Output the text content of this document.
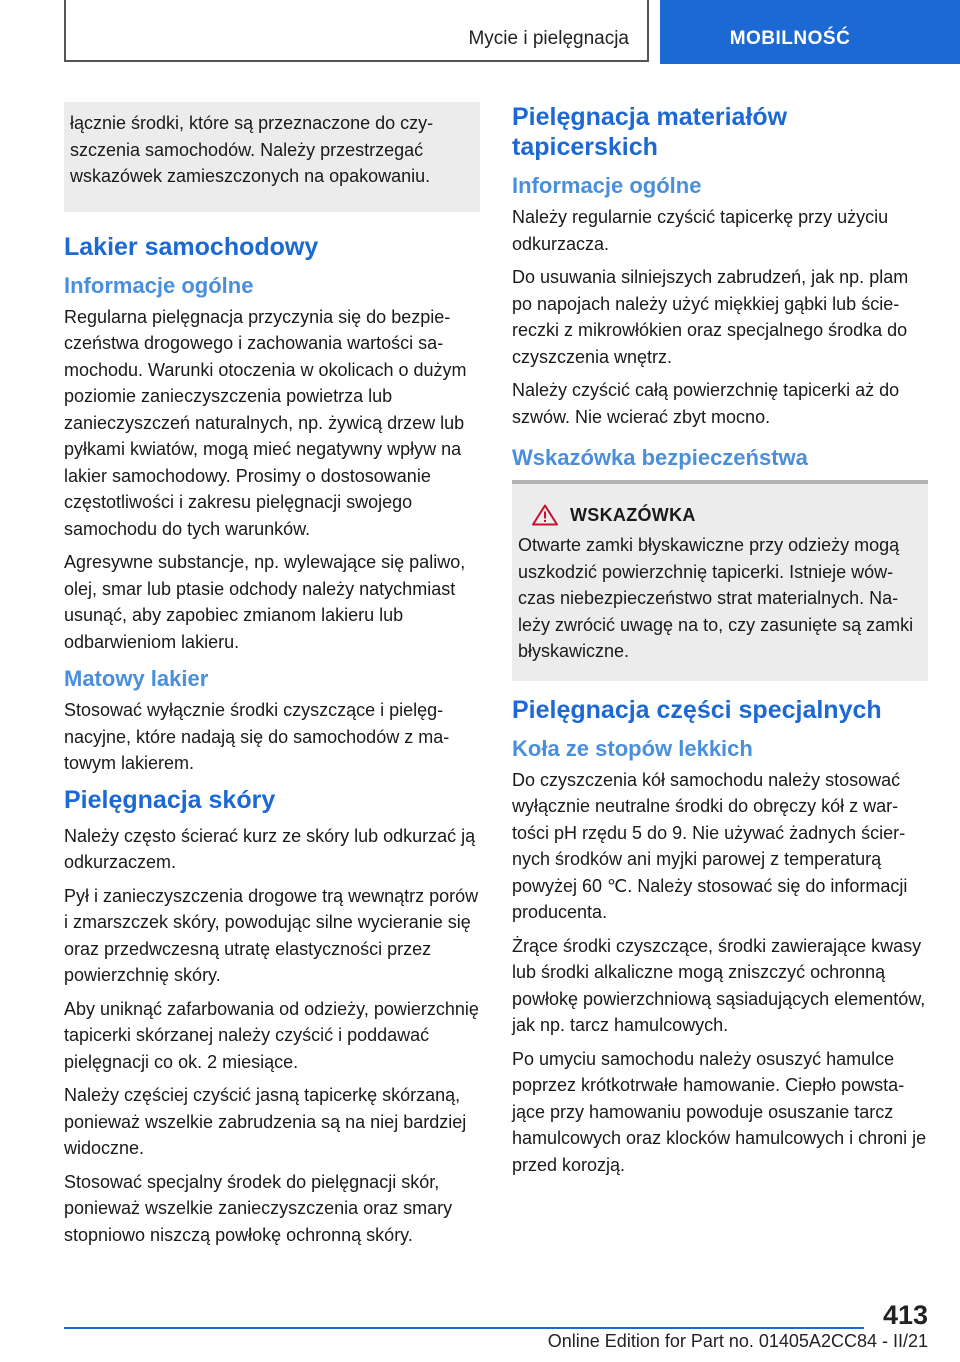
Mycie i pielęgnacja	MOBILNOŚĆ

łącznie środki, które są przeznaczone do czyszczenia samochodów. Należy przestrzegać wskazówek zamieszczonych na opakowaniu.

Lakier samochodowy
Informacje ogólne

Regularna pielęgnacja przyczynia się do bezpieczeństwa drogowego i zachowania wartości samochodu. Warunki otoczenia w okolicach o dużym poziomie zanieczyszczenia powietrza lub zanieczyszczeń naturalnych, np. żywicą drzew lub pyłkami kwiatów, mogą mieć negatywny wpływ na lakier samochodowy. Prosimy o dostosowanie częstotliwości i zakresu pielęgnacji swojego samochodu do tych warunków.

Agresywne substancje, np. wylewające się paliwo, olej, smar lub ptasie odchody należy natychmiast usunąć, aby zapobiec zmianom lakieru lub odbarwieniom lakieru.

Matowy lakier

Stosować wyłącznie środki czyszczące i pielęgnacyjne, które nadają się do samochodów z matowym lakierem.

Pielęgnacja skóry

Należy często ścierać kurz ze skóry lub odkurzać ją odkurzaczem.

Pył i zanieczyszczenia drogowe trą wewnątrz porów i zmarszczek skóry, powodując silne wycieranie się oraz przedwczesną utratę elastyczności przez powierzchnię skóry.

Aby uniknąć zafarbowania od odzieży, powierzchnię tapicerki skórzanej należy czyścić i poddawać pielęgnacji co ok. 2 miesiące.

Należy częściej czyścić jasną tapicerkę skórzaną, ponieważ wszelkie zabrudzenia są na niej bardziej widoczne.

Stosować specjalny środek do pielęgnacji skór, ponieważ wszelkie zanieczyszczenia oraz smary stopniowo niszczą powłokę ochronną skóry.

Pielęgnacja materiałów tapicerskich
Informacje ogólne

Należy regularnie czyścić tapicerkę przy użyciu odkurzacza.

Do usuwania silniejszych zabrudzeń, jak np. plam po napojach należy użyć miękkiej gąbki lub ściereczki z mikrowłókien oraz specjalnego środka do czyszczenia wnętrz.

Należy czyścić całą powierzchnię tapicerki aż do szwów. Nie wcierać zbyt mocno.

Wskazówka bezpieczeństwa
WSKAZÓWKA

Otwarte zamki błyskawiczne przy odzieży mogą uszkodzić powierzchnię tapicerki. Istnieje wówczas niebezpieczeństwo strat materialnych. Należy zwrócić uwagę na to, czy zasunięte są zamki błyskawiczne.

Pielęgnacja części specjalnych
Koła ze stopów lekkich

Do czyszczenia kół samochodu należy stosować wyłącznie neutralne środki do obręczy kół z wartości pH rzędu 5 do 9. Nie używać żadnych ściernych środków ani myjki parowej z temperaturą powyżej 60 ℃. Należy stosować się do informacji producenta.

Żrące środki czyszczące, środki zawierające kwasy lub środki alkaliczne mogą zniszczyć ochronną powłokę powierzchniową sąsiadujących elementów, jak np. tarcz hamulcowych.

Po umyciu samochodu należy osuszyć hamulce poprzez krótkotrwałe hamowanie. Ciepło powstające przy hamowaniu powoduje osuszanie tarcz hamulcowych oraz klocków hamulcowych i chroni je przed korozją.

413
Online Edition for Part no. 01405A2CC84 - II/21
